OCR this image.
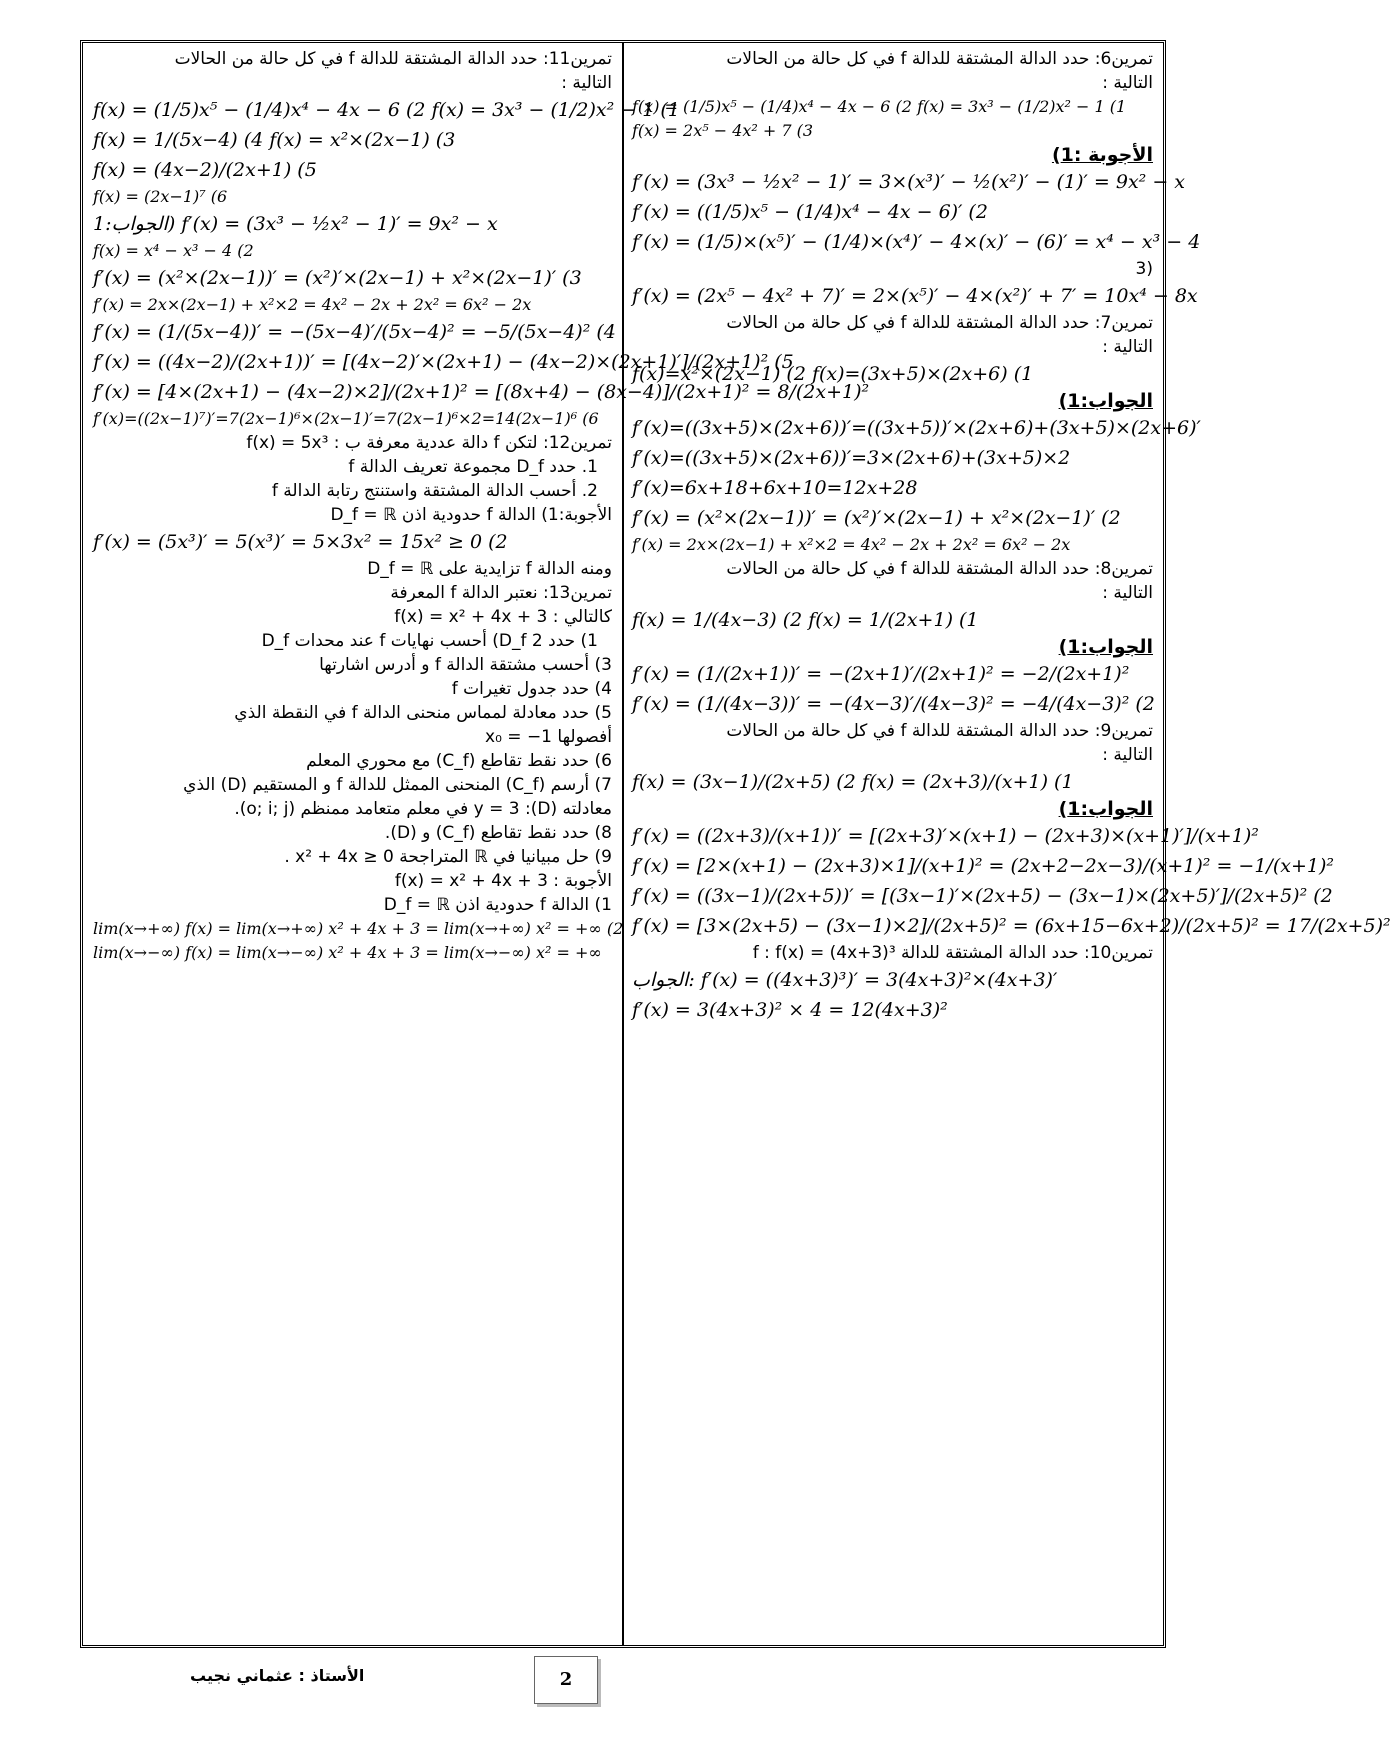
تمرين6: حدد الدالة المشتقة للدالة f في كل حالة من الحالات
التالية :
f(x) = (1/5)x⁵ − (1/4)x⁴ − 4x − 6 (2 f(x) = 3x³ − (1/2)x² − 1 (1
f(x) = 2x⁵ − 4x² + 7 (3
الأجوبة :1)
f′(x) = (3x³ − ½x² − 1)′ = 3×(x³)′ − ½(x²)′ − (1)′ = 9x² − x
f′(x) = ((1/5)x⁵ − (1/4)x⁴ − 4x − 6)′ (2
f′(x) = (1/5)×(x⁵)′ − (1/4)×(x⁴)′ − 4×(x)′ − (6)′ = x⁴ − x³ − 4
(3
f′(x) = (2x⁵ − 4x² + 7)′ = 2×(x⁵)′ − 4×(x²)′ + 7′ = 10x⁴ − 8x
تمرين7: حدد الدالة المشتقة للدالة f في كل حالة من الحالات
التالية :
f(x)=x²×(2x−1) (2 f(x)=(3x+5)×(2x+6) (1
الجواب:1)
f′(x)=((3x+5)×(2x+6))′=((3x+5))′×(2x+6)+(3x+5)×(2x+6)′
f′(x)=((3x+5)×(2x+6))′=3×(2x+6)+(3x+5)×2
f′(x)=6x+18+6x+10=12x+28
f′(x) = (x²×(2x−1))′ = (x²)′×(2x−1) + x²×(2x−1)′ (2
f′(x) = 2x×(2x−1) + x²×2 = 4x² − 2x + 2x² = 6x² − 2x
تمرين8: حدد الدالة المشتقة للدالة f في كل حالة من الحالات
التالية :
f(x) = 1/(4x−3) (2 f(x) = 1/(2x+1) (1
الجواب:1)
f′(x) = (1/(2x+1))′ = −(2x+1)′/(2x+1)² = −2/(2x+1)²
f′(x) = (1/(4x−3))′ = −(4x−3)′/(4x−3)² = −4/(4x−3)² (2
تمرين9: حدد الدالة المشتقة للدالة f في كل حالة من الحالات
التالية :
f(x) = (3x−1)/(2x+5) (2 f(x) = (2x+3)/(x+1) (1
الجواب:1)
f′(x) = ((2x+3)/(x+1))′ = [(2x+3)′×(x+1) − (2x+3)×(x+1)′]/(x+1)²
f′(x) = [2×(x+1) − (2x+3)×1]/(x+1)² = (2x+2−2x−3)/(x+1)² = −1/(x+1)²
f′(x) = ((3x−1)/(2x+5))′ = [(3x−1)′×(2x+5) − (3x−1)×(2x+5)′]/(2x+5)² (2
f′(x) = [3×(2x+5) − (3x−1)×2]/(2x+5)² = (6x+15−6x+2)/(2x+5)² = 17/(2x+5)²
تمرين10: حدد الدالة المشتقة للدالة f : f(x) = (4x+3)³
الجواب: f′(x) = ((4x+3)³)′ = 3(4x+3)²×(4x+3)′
f′(x) = 3(4x+3)² × 4 = 12(4x+3)²
تمرين11: حدد الدالة المشتقة للدالة f في كل حالة من الحالات
التالية :
f(x) = (1/5)x⁵ − (1/4)x⁴ − 4x − 6 (2 f(x) = 3x³ − (1/2)x² − 1 (1
f(x) = 1/(5x−4) (4 f(x) = x²×(2x−1) (3
f(x) = (4x−2)/(2x+1) (5
f(x) = (2x−1)⁷ (6
الجواب:1) f′(x) = (3x³ − ½x² − 1)′ = 9x² − x
f(x) = x⁴ − x³ − 4 (2
f′(x) = (x²×(2x−1))′ = (x²)′×(2x−1) + x²×(2x−1)′ (3
f′(x) = 2x×(2x−1) + x²×2 = 4x² − 2x + 2x² = 6x² − 2x
f′(x) = (1/(5x−4))′ = −(5x−4)′/(5x−4)² = −5/(5x−4)² (4
f′(x) = ((4x−2)/(2x+1))′ = [(4x−2)′×(2x+1) − (4x−2)×(2x+1)′]/(2x+1)² (5
f′(x) = [4×(2x+1) − (4x−2)×2]/(2x+1)² = [(8x+4) − (8x−4)]/(2x+1)² = 8/(2x+1)²
f′(x)=((2x−1)⁷)′=7(2x−1)⁶×(2x−1)′=7(2x−1)⁶×2=14(2x−1)⁶ (6
تمرين12: لتكن f دالة عددية معرفة ب : f(x) = 5x³
1. حدد D_f مجموعة تعريف الدالة f
2. أحسب الدالة المشتقة واستنتج رتابة الدالة f
الأجوبة:1) الدالة f حدودية اذن D_f = ℝ
f′(x) = (5x³)′ = 5(x³)′ = 5×3x² = 15x² ≥ 0 (2
ومنه الدالة f تزايدية على D_f = ℝ
تمرين13: نعتبر الدالة f المعرفة
كالتالي : f(x) = x² + 4x + 3
1) حدد D_f 2) أحسب نهايات f عند محدات D_f
3) أحسب مشتقة الدالة f و أدرس اشارتها
4) حدد جدول تغيرات f
5) حدد معادلة لمماس منحنى الدالة f في النقطة الذي
أفصولها x₀ = −1
6) حدد نقط تقاطع (C_f) مع محوري المعلم
7) أرسم (C_f) المنحنى الممثل للدالة f و المستقيم (D) الذي
معادلته (D): y = 3 في معلم متعامد ممنظم (o; i; j).
8) حدد نقط تقاطع (C_f) و (D).
9) حل مبيانيا في ℝ المتراجحة x² + 4x ≥ 0 .
الأجوبة : f(x) = x² + 4x + 3
1) الدالة f حدودية اذن D_f = ℝ
lim(x→+∞) f(x) = lim(x→+∞) x² + 4x + 3 = lim(x→+∞) x² = +∞ (2
lim(x→−∞) f(x) = lim(x→−∞) x² + 4x + 3 = lim(x→−∞) x² = +∞
الأستاذ : عثماني نجيب	2
